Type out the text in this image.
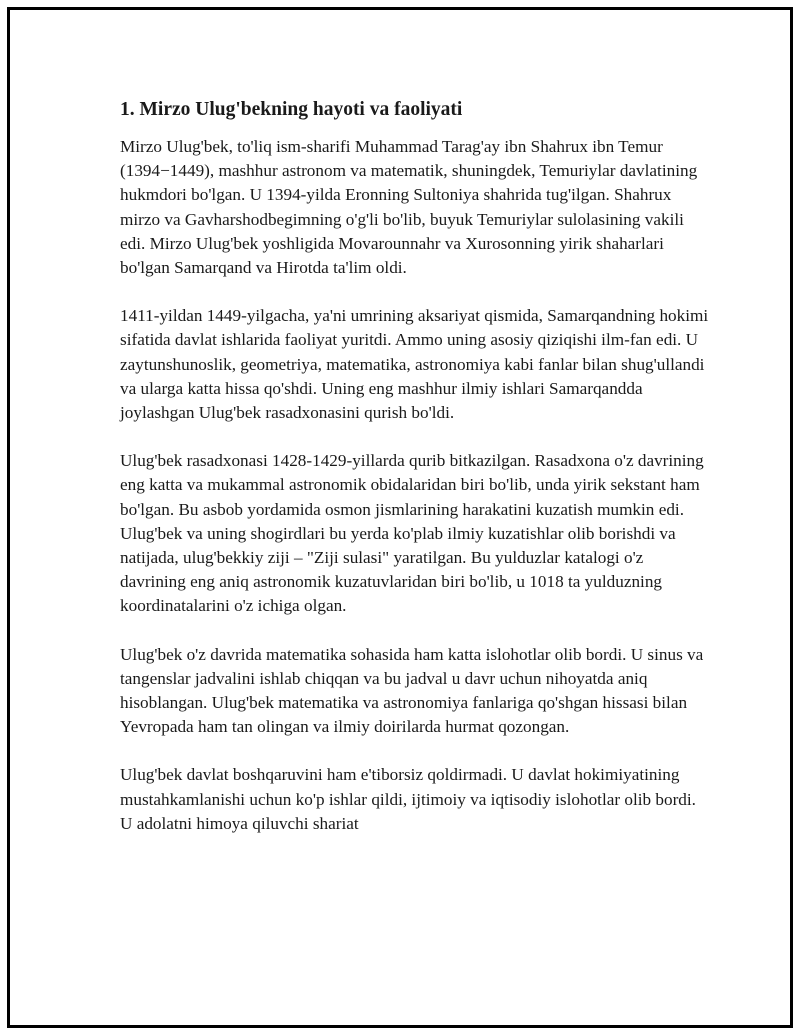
1. Mirzo Ulug'bekning hayoti va faoliyati

Mirzo Ulug'bek, to'liq ism-sharifi Muhammad Tarag'ay ibn Shahrux ibn Temur (1394−1449), mashhur astronom va matematik, shuningdek, Temuriylar davlatining hukmdori bo'lgan. U 1394-yilda Eronning Sultoniya shahrida tug'ilgan. Shahrux mirzo va Gavharshodbegimning o'g'li bo'lib, buyuk Temuriylar sulolasining vakili edi. Mirzo Ulug'bek yoshligida Movarounnahr va Xurosonning yirik shaharlari bo'lgan Samarqand va Hirotda ta'lim oldi.

1411-yildan 1449-yilgacha, ya'ni umrining aksariyat qismida, Samarqandning hokimi sifatida davlat ishlarida faoliyat yuritdi. Ammo uning asosiy qiziqishi ilm-fan edi. U zaytunshunoslik, geometriya, matematika, astronomiya kabi fanlar bilan shug'ullandi va ularga katta hissa qo'shdi. Uning eng mashhur ilmiy ishlari Samarqandda joylashgan Ulug'bek rasadxonasini qurish bo'ldi.

Ulug'bek rasadxonasi 1428-1429-yillarda qurib bitkazilgan. Rasadxona o'z davrining eng katta va mukammal astronomik obidalaridan biri bo'lib, unda yirik sekstant ham bo'lgan. Bu asbob yordamida osmon jismlarining harakatini kuzatish mumkin edi. Ulug'bek va uning shogirdlari bu yerda ko'plab ilmiy kuzatishlar olib borishdi va natijada, ulug'bekkiy ziji – "Ziji sulasi" yaratilgan. Bu yulduzlar katalogi o'z davrining eng aniq astronomik kuzatuvlaridan biri bo'lib, u 1018 ta yulduzning koordinatalarini o'z ichiga olgan.

Ulug'bek o'z davrida matematika sohasida ham katta islohotlar olib bordi. U sinus va tangenslar jadvalini ishlab chiqqan va bu jadval u davr uchun nihoyatda aniq hisoblangan. Ulug'bek matematika va astronomiya fanlariga qo'shgan hissasi bilan Yevropada ham tan olingan va ilmiy doirilarda hurmat qozongan.

Ulug'bek davlat boshqaruvini ham e'tiborsiz qoldirmadi. U davlat hokimiyatining mustahkamlanishi uchun ko'p ishlar qildi, ijtimoiy va iqtisodiy islohotlar olib bordi. U adolatni himoya qiluvchi shariat
